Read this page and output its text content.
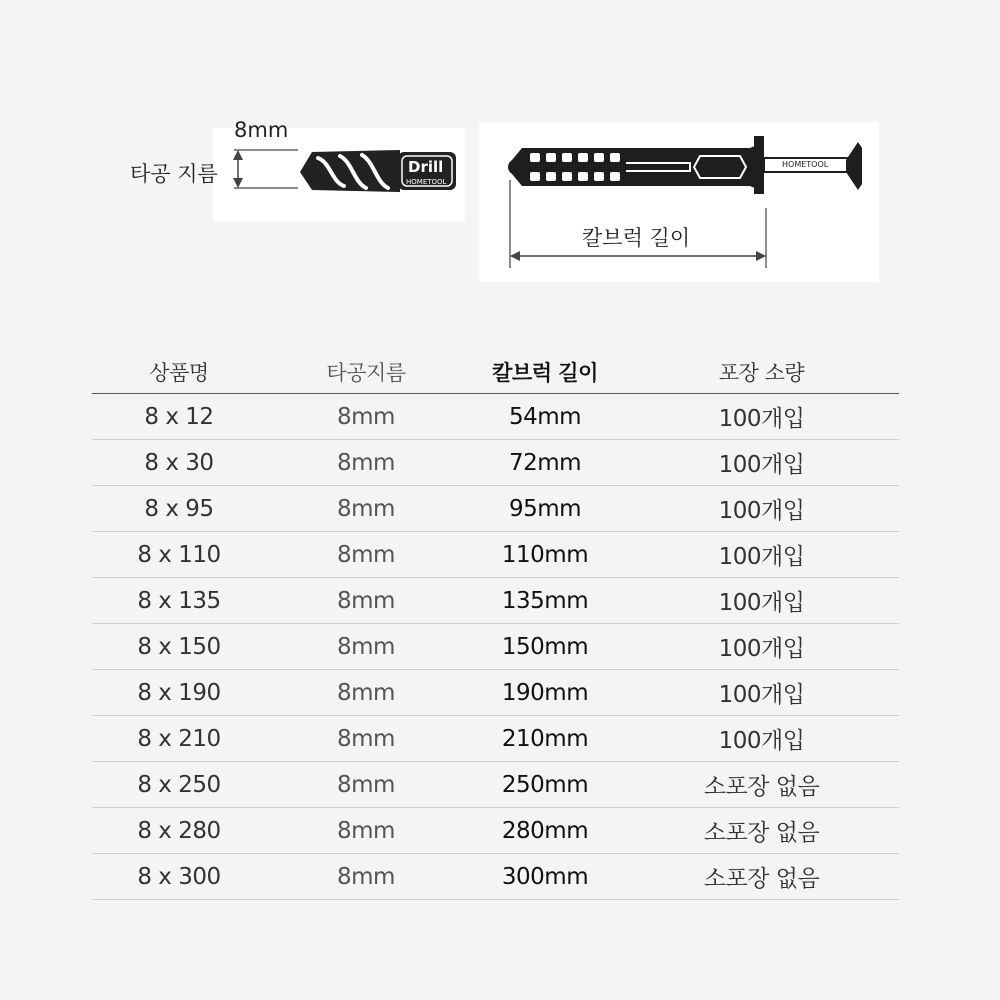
타공 지름
8mm
Drill
HOMETOOL
HOMETOOL
칼브럭 길이
상품명	타공지름	칼브럭 길이	포장 소량
8 x 12	8mm	54mm	100개입
8 x 30	8mm	72mm	100개입
8 x 95	8mm	95mm	100개입
8 x 110	8mm	110mm	100개입
8 x 135	8mm	135mm	100개입
8 x 150	8mm	150mm	100개입
8 x 190	8mm	190mm	100개입
8 x 210	8mm	210mm	100개입
8 x 250	8mm	250mm	소포장 없음
8 x 280	8mm	280mm	소포장 없음
8 x 300	8mm	300mm	소포장 없음
